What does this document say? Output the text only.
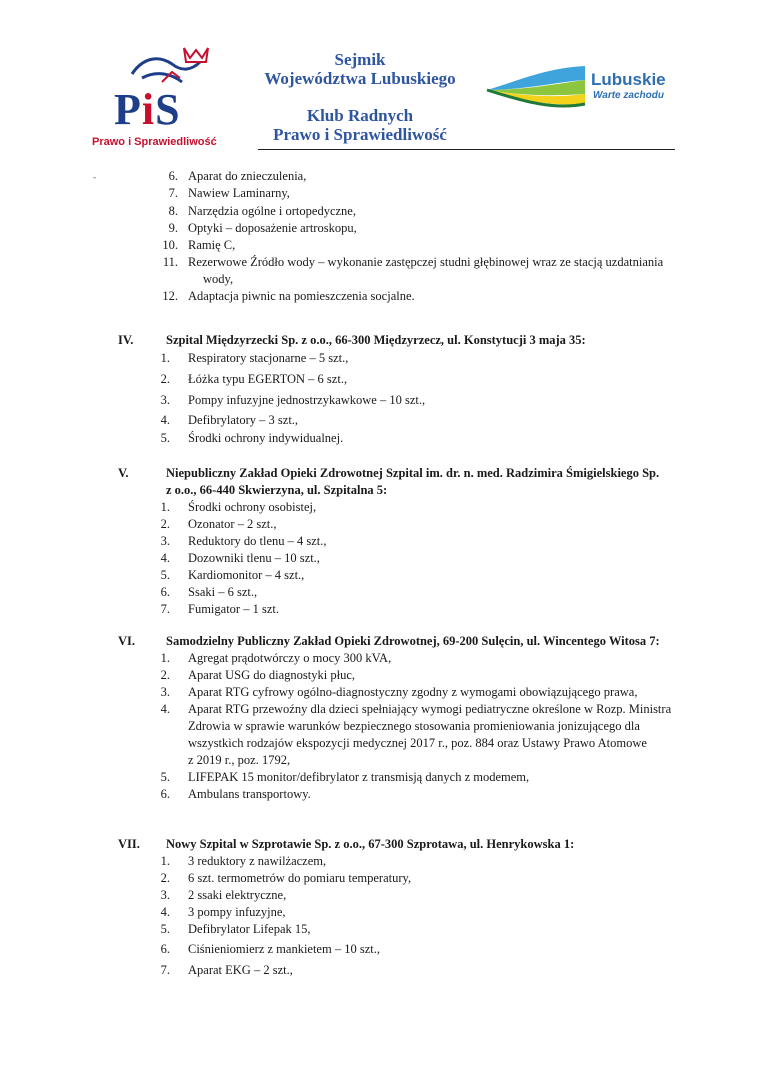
PiS
Prawo i Sprawiedliwość
Sejmik
Województwa Lubuskiego
Klub Radnych
Prawo i Sprawiedliwość
Lubuskie
Warte zachodu
-	6. Aparat do znieczulenia,
7. Nawiew Laminarny,
8. Narzędzia ogólne i ortopedyczne,
9. Optyki – doposażenie artroskopu,
10. Ramię C,
11. Rezerwowe Źródło wody – wykonanie zastępczej studni głębinowej wraz ze stacją uzdatniania
wody,
12. Adaptacja piwnic na pomieszczenia socjalne.
IV.	Szpital Międzyrzecki Sp. z o.o., 66-300 Międzyrzecz, ul. Konstytucji 3 maja 35:
1. Respiratory stacjonarne – 5 szt.,
2. Łóżka typu EGERTON – 6 szt.,
3. Pompy infuzyjne jednostrzykawkowe – 10 szt.,
4. Defibrylatory – 3 szt.,
5. Środki ochrony indywidualnej.
V.	Niepubliczny Zakład Opieki Zdrowotnej Szpital im. dr. n. med. Radzimira Śmigielskiego Sp.
z o.o., 66-440 Skwierzyna, ul. Szpitalna 5:
1. Środki ochrony osobistej,
2. Ozonator – 2 szt.,
3. Reduktory do tlenu – 4 szt.,
4. Dozowniki tlenu – 10 szt.,
5. Kardiomonitor – 4 szt.,
6. Ssaki – 6 szt.,
7. Fumigator – 1 szt.
VI. Samodzielny Publiczny Zakład Opieki Zdrowotnej, 69-200 Sulęcin, ul. Wincentego Witosa 7:
1. Agregat prądotwórczy o mocy 300 kVA,
2. Aparat USG do diagnostyki płuc,
3. Aparat RTG cyfrowy ogólno-diagnostyczny zgodny z wymogami obowiązującego prawa,
4. Aparat RTG przewoźny dla dzieci spełniający wymogi pediatryczne określone w Rozp. Ministra
Zdrowia w sprawie warunków bezpiecznego stosowania promieniowania jonizującego dla
wszystkich rodzajów ekspozycji medycznej 2017 r., poz. 884 oraz Ustawy Prawo Atomowe
z 2019 r., poz. 1792,
5. LIFEPAK 15 monitor/defibrylator z transmisją danych z modemem,
6. Ambulans transportowy.
VII. Nowy Szpital w Szprotawie Sp. z o.o., 67-300 Szprotawa, ul. Henrykowska 1:
1. 3 reduktory z nawilżaczem,
2. 6 szt. termometrów do pomiaru temperatury,
3. 2 ssaki elektryczne,
4. 3 pompy infuzyjne,
5. Defibrylator Lifepak 15,
6. Ciśnieniomierz z mankietem – 10 szt.,
7. Aparat EKG – 2 szt.,
